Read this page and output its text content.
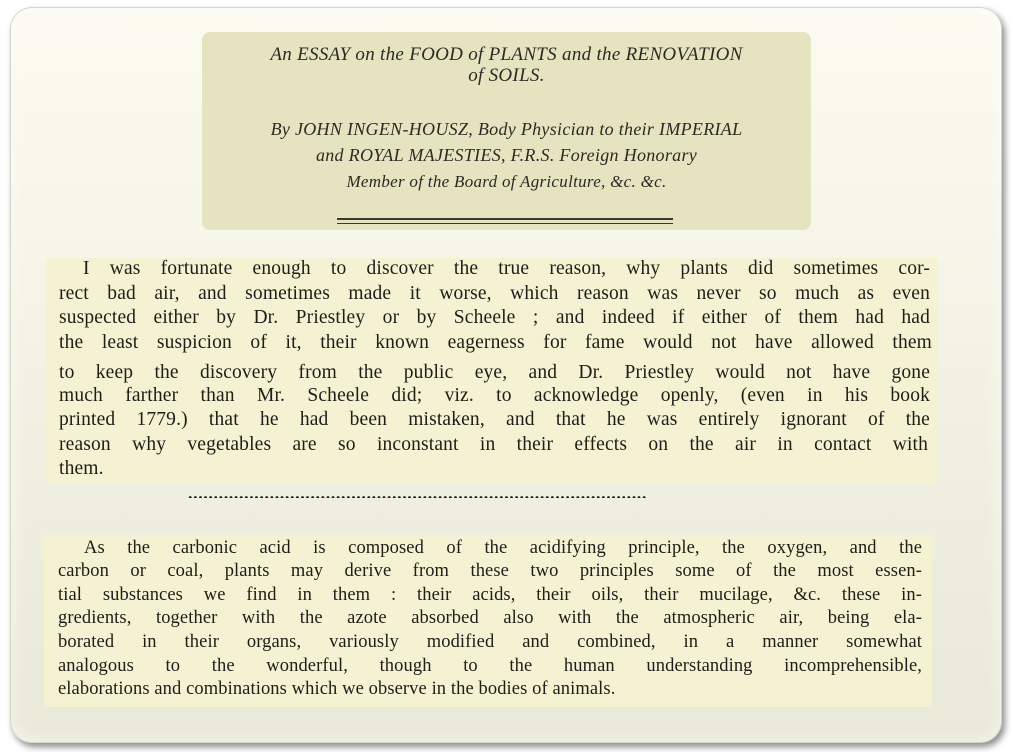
An ESSAY on the FOOD of PLANTS and the RENOVATION
of SOILS.
By JOHN INGEN-HOUSZ, Body Physician to their IMPERIAL
and ROYAL MAJESTIES, F.R.S. Foreign Honorary
Member of the Board of Agriculture, &c. &c.
I was fortunate enough to discover the true reason, why plants did sometimes cor-
rect bad air, and sometimes made it worse, which reason was never so much as even
suspected either by Dr. Priestley or by Scheele ; and indeed if either of them had had
the least suspicion of it, their known eagerness for fame would not have allowed them
to keep the discovery from the public eye, and Dr. Priestley would not have gone
much farther than Mr. Scheele did; viz. to acknowledge openly, (even in his book
printed 1779.) that he had been mistaken, and that he was entirely ignorant of the
reason why vegetables are so inconstant in their effects on the air in contact with
them.
..........................................................................................
As the carbonic acid is composed of the acidifying principle, the oxygen, and the
carbon or coal, plants may derive from these two principles some of the most essen-
tial substances we find in them : their acids, their oils, their mucilage, &c. these in-
gredients, together with the azote absorbed also with the atmospheric air, being ela-
borated in their organs, variously modified and combined, in a manner somewhat
analogous to the wonderful, though to the human understanding incomprehensible,
elaborations and combinations which we observe in the bodies of animals.
